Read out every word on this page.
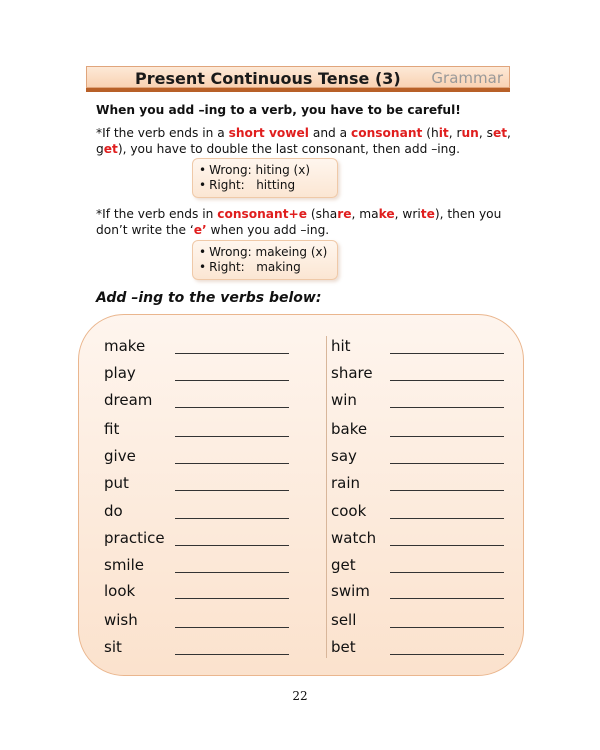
Present Continuous Tense (3) Grammar
When you add –ing to a verb, you have to be careful!
*If the verb ends in a short vowel and a consonant (hit, run, set,
get), you have to double the last consonant, then add –ing.
• Wrong: hiting (x)
• Right: hitting
*If the verb ends in consonant+e (share, make, write), then you
don’t write the ‘e’ when you add –ing.
• Wrong: makeing (x)
• Right: making
Add –ing to the verbs below:
make
play
dream
fit
give
put
do
practice
smile
look
wish
sit
hit
share
win
bake
say
rain
cook
watch
get
swim
sell
bet
22
